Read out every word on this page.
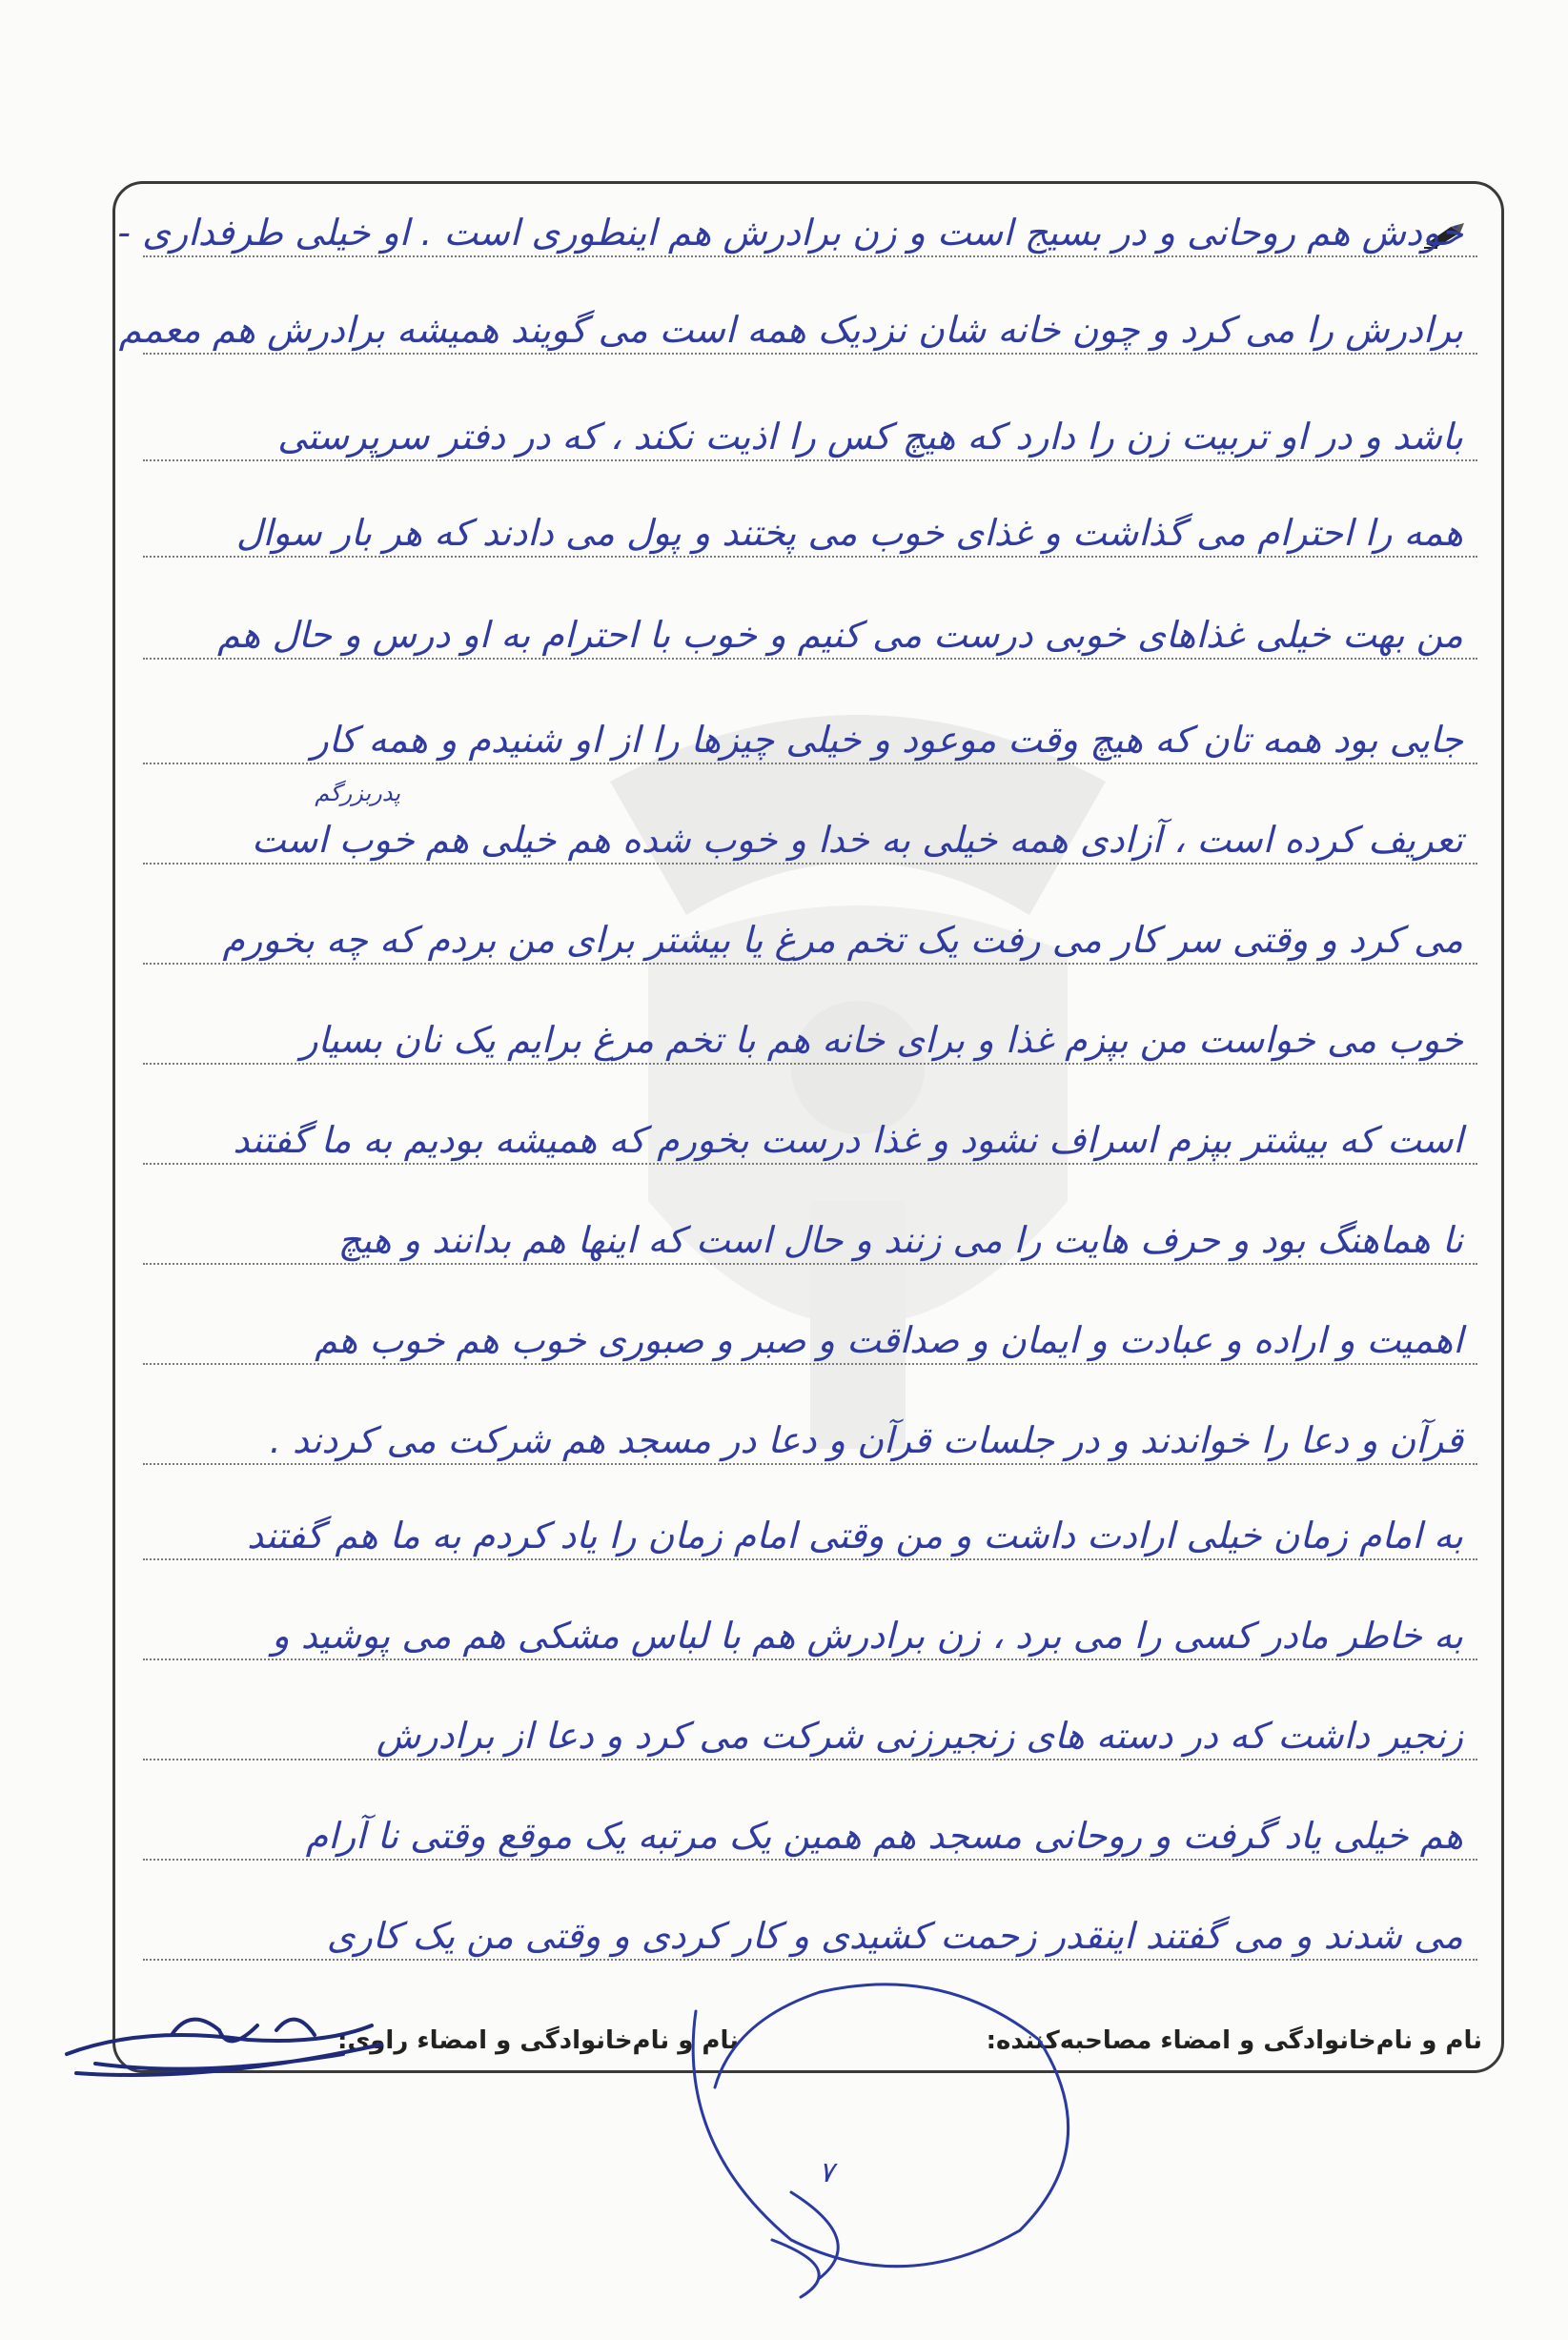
خودش هم روحانی و در بسیج است و زن برادرش هم اینطوری است . او خیلی طرفداری -
برادرش را می کرد و چون خانه شان نزدیک همه است می گویند همیشه برادرش هم معمم
باشد و در او تربیت زن را دارد که هیچ کس را اذیت نکند ، که در دفتر سرپرستی
همه را احترام می گذاشت و غذای خوب می پختند و پول می دادند که هر بار سوال
من بهت خیلی غذاهای خوبی درست می کنیم و خوب با احترام به او درس و حال هم
جایی بود همه تان که هیچ وقت موعود و خیلی چیزها را از او شنیدم و همه کار
تعریف کرده است ، آزادی همه خیلی به خدا و خوب شده هم خیلی هم خوب است
می کرد و وقتی سر کار می رفت یک تخم مرغ یا بیشتر برای من بردم که چه بخورم
خوب می خواست من بپزم غذا و برای خانه هم با تخم مرغ برایم یک نان بسیار
است که بیشتر بپزم اسراف نشود و غذا درست بخورم که همیشه بودیم به ما گفتند
نا هماهنگ بود و حرف هایت را می زنند و حال است که اینها هم بدانند و هیچ
اهمیت و اراده و عبادت و ایمان و صداقت و صبر و صبوری خوب هم خوب هم
قرآن و دعا را خواندند و در جلسات قرآن و دعا در مسجد هم شرکت می کردند .
به امام زمان خیلی ارادت داشت و من وقتی امام زمان را یاد کردم به ما هم گفتند
به خاطر مادر کسی را می برد ، زن برادرش هم با لباس مشکی هم می پوشید و
زنجیر داشت که در دسته های زنجیرزنی شرکت می کرد و دعا از برادرش
هم خیلی یاد گرفت و روحانی مسجد هم همین یک مرتبه یک موقع وقتی نا آرام
می شدند و می گفتند اینقدر زحمت کشیدی و کار کردی و وقتی من یک کاری
پدربزرگم
۷
نام و نام‌خانوادگی و امضاء مصاحبه‌کننده:
نام و نام‌خانوادگی و امضاء راوی:
